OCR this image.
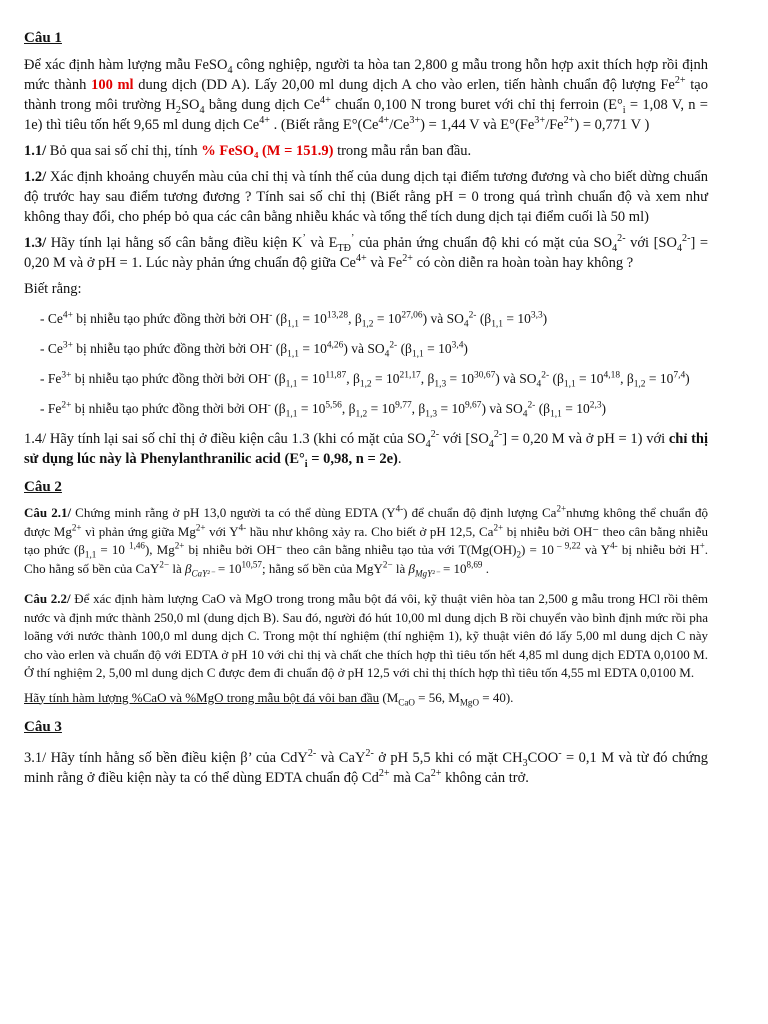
Câu 1
Để xác định hàm lượng mẫu FeSO$_4$ công nghiệp, người ta hòa tan 2,800 g mẫu trong hỗn hợp axit thích hợp rồi định mức thành 100 ml dung dịch (DD A). Lấy 20,00 ml dung dịch A cho vào erlen, tiến hành chuẩn độ lượng $Fe^{2+}$ tạo thành trong môi trường $H_2SO_4$ bằng dung dịch $Ce^{4+}$ chuẩn 0,100 N trong buret với chỉ thị ferroin ($E^\circ_i = 1,08$ V, n = 1e) thì tiêu tốn hết 9,65 ml dung dịch $Ce^{4+}$ . (Biết rằng $E^\circ(Ce^{4+}/Ce^{3+}) = 1,44$ V và $E^\circ(Fe^{3+}/Fe^{2+}) = 0,771$ V )
1.1/ Bỏ qua sai số chỉ thị, tính % FeSO₄ (M = 151.9) trong mẫu rắn ban đầu.
1.2/ Xác định khoảng chuyển màu của chỉ thị và tính thế của dung dịch tại điểm tương đương và cho biết dừng chuẩn độ trước hay sau điểm tương đương ? Tính sai số chỉ thị (Biết rằng pH = 0 trong quá trình chuẩn độ và xem như không thay đổi, cho phép bỏ qua các cân bằng nhiễu khác và tổng thể tích dung dịch tại điểm cuối là 50 ml)
1.3/ Hãy tính lại hằng số cân bằng điều kiện K’ và $E_{TĐ}^’$ của phản ứng chuẩn độ khi có mặt của $SO_4^{2-}$ với $[SO_4^{2-}] = 0,20$ M và ở pH = 1. Lúc này phản ứng chuẩn độ giữa $Ce^{4+}$ và $Fe^{2+}$ có còn diễn ra hoàn toàn hay không ?
Biết rằng:
- $Ce^{4+}$ bị nhiễu tạo phức đồng thời bởi OH- ($\beta_{1,1} = 10^{13,28}$, $\beta_{1,2} = 10^{27,06}$) và $SO_4^{2-}$ $(\beta_{1,1} = 10^{3,3})$
- $Ce^{3+}$ bị nhiễu tạo phức đồng thời bởi OH- $(\beta_{1,1} = 10^{4,26})$ và $SO_4^{2-}$ $(\beta_{1,1} = 10^{3,4})$
- $Fe^{3+}$ bị nhiễu tạo phức đồng thời bởi OH- ($\beta_{1,1} = 10^{11,87}$, $\beta_{1,2} = 10^{21,17}$, $\beta_{1,3} = 10^{30,67}$) và $SO_4^{2-}$ ($\beta_{1,1} = 10^{4,18}$, $\beta_{1,2} = 10^{7,4}$)
- $Fe^{2+}$ bị nhiễu tạo phức đồng thời bởi OH- ($\beta_{1,1} = 10^{5,56}$, $\beta_{1,2} = 10^{9,77}$, $\beta_{1,3} = 10^{9,67}$) và $SO_4^{2-}$ $(\beta_{1,1} = 10^{2,3})$
1.4/ Hãy tính lại sai số chỉ thị ở điều kiện câu 1.3 (khi có mặt của $SO_4^{2-}$ với $[SO_4^{2-}] = 0,20$ M và ở pH = 1) với chỉ thị sử dụng lúc này là Phenylanthranilic acid ($E^\circ_i = 0,98$, n = 2e).
Câu 2
Câu 2.1/ Chứng minh rằng ở pH 13,0 người ta có thể dùng EDTA $(Y^{4-})$ để chuẩn độ định lượng $Ca^{2+}nhưng$ không thể chuẩn độ được $Mg^{2+}$ vì phản ứng giữa $Mg^{2+}$ với $Y^{4-}$ hầu như không xảy ra. Cho biết ở pH 12,5, $Ca^{2+}$ bị nhiễu bởi OH⁻ theo cân bằng nhiễu tạo phức ($\beta_{1,1} = 10$ $^{1,46}$), $Mg^{2+}$ bị nhiễu bởi OH⁻ theo cân bằng nhiễu tạo tủa với $T(Mg(OH)_2) = 10$ $^{- 9,22}$ và $Y^{4-}$ bị nhiễu bởi H+. Cho hằng số bền của CaY$^{2-}$ là $\beta_{CaY^{2-}} = 10^{10,57}$; hằng số bền của MgY$^{2-}$ là $\beta_{MgY^{2-}} = 10^{8,69}$ .
Câu 2.2/ Để xác định hàm lượng CaO và MgO trong trong mẫu bột đá vôi, kỹ thuật viên hòa tan 2,500 g mẫu trong HCl rồi thêm nước và định mức thành 250,0 ml (dung dịch B). Sau đó, người đó hút 10,00 ml dung dịch B rồi chuyển vào bình định mức rồi pha loãng với nước thành 100,0 ml dung dịch C. Trong một thí nghiệm (thí nghiệm 1), kỹ thuật viên đó lấy 5,00 ml dung dịch C này cho vào erlen và chuẩn độ với EDTA ở pH 10 với chỉ thị và chất che thích hợp thì tiêu tốn hết 4,85 ml dung dịch EDTA 0,0100 M. Ở thí nghiệm 2, 5,00 ml dung dịch C được đem đi chuẩn độ ở pH 12,5 với chỉ thị thích hợp thì tiêu tốn 4,55 ml EDTA 0,0100 M.
Hãy tính hàm lượng %CaO và %MgO trong mẫu bột đá vôi ban đầu ($M_{CaO} = 56$, $M_{MgO} = 40$).
Câu 3
3.1/ Hãy tính hằng số bền điều kiện β’ của CdY$^{2-}$ và CaY$^{2-}$ ở pH 5,5 khi có mặt $CH_3COO^- = 0,1$ M và từ đó chứng minh rằng ở điều kiện này ta có thể dùng EDTA chuẩn độ $Cd^{2+}$ mà $Ca^{2+}$ không cản trở.
